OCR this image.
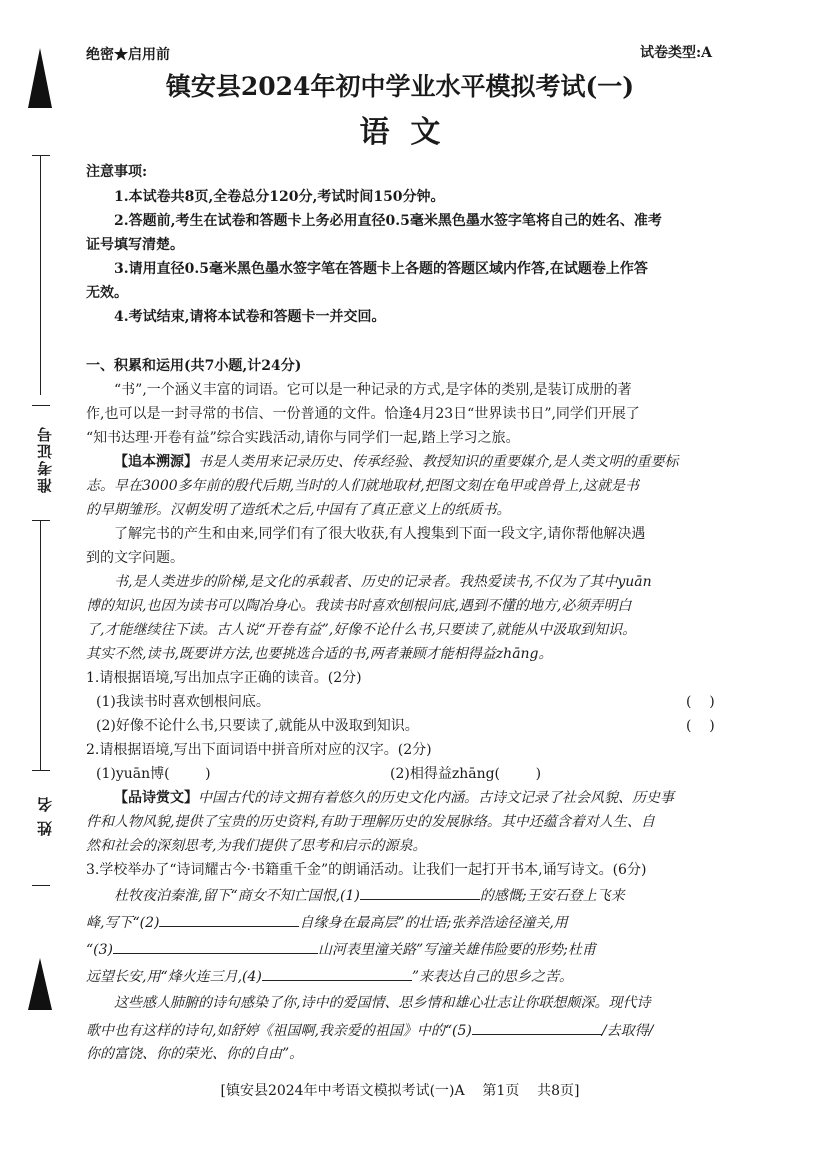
准考证号
姓 名
绝密★启用前	试卷类型:A
镇安县2024年初中学业水平模拟考试(一)
语  文
注意事项:
1.本试卷共8页,全卷总分120分,考试时间150分钟。
2.答题前,考生在试卷和答题卡上务必用直径0.5毫米黑色墨水签字笔将自己的姓名、准考
证号填写清楚。
3.请用直径0.5毫米黑色墨水签字笔在答题卡上各题的答题区域内作答,在试题卷上作答
无效。
4.考试结束,请将本试卷和答题卡一并交回。
一、积累和运用(共7小题,计24分)
“书”,一个涵义丰富的词语。它可以是一种记录的方式,是字体的类别,是装订成册的著
作,也可以是一封寻常的书信、一份普通的文件。恰逢4月23日“世界读书日”,同学们开展了
“知书达理·开卷有益”综合实践活动,请你与同学们一起,踏上学习之旅。
【追本溯源】书是人类用来记录历史、传承经验、教授知识的重要媒介,是人类文明的重要标
志。早在3000多年前的殷代后期,当时的人们就地取材,把图文刻在龟甲或兽骨上,这就是书
的早期雏形。汉朝发明了造纸术之后,中国有了真正意义上的纸质书。
了解完书的产生和由来,同学们有了很大收获,有人搜集到下面一段文字,请你帮他解决遇
到的文字问题。
书,是人类进步的阶梯,是文化的承载者、历史的记录者。我热爱读书,不仅为了其中yuān
博的知识,也因为读书可以陶冶身心。我读书时喜欢刨根问底,遇到不懂的地方,必须弄明白
了,才能继续往下读。古人说“开卷有益”,好像不论什么书,只要读了,就能从中汲取到知识。
其实不然,读书,既要讲方法,也要挑选合适的书,两者兼顾才能相得益zhāng。
1.请根据语境,写出加点字正确的读音。(2分)
(1)我读书时喜欢刨根问底。	(    )
(2)好像不论什么书,只要读了,就能从中汲取到知识。	(    )
2.请根据语境,写出下面词语中拼音所对应的汉字。(2分)
(1)yuān博(        )	(2)相得益zhāng(        )
【品诗赏文】中国古代的诗文拥有着悠久的历史文化内涵。古诗文记录了社会风貌、历史事
件和人物风貌,提供了宝贵的历史资料,有助于理解历史的发展脉络。其中还蕴含着对人生、自
然和社会的深刻思考,为我们提供了思考和启示的源泉。
3.学校举办了“诗词耀古今·书籍重千金”的朗诵活动。让我们一起打开书本,诵写诗文。(6分)
杜牧夜泊秦淮,留下“商女不知亡国恨,(1)	的感慨;王安石登上飞来
峰,写下“(2)	自缘身在最高层”的壮语;张养浩途径潼关,用
“(3)	山河表里潼关路”写潼关雄伟险要的形势;杜甫
远望长安,用“烽火连三月,(4)	”来表达自己的思乡之苦。
这些感人肺腑的诗句感染了你,诗中的爱国情、思乡情和雄心壮志让你联想颇深。现代诗
歌中也有这样的诗句,如舒婷《祖国啊,我亲爱的祖国》中的“(5)	/去取得/
你的富饶、你的荣光、你的自由”。
[镇安县2024年中考语文模拟考试(一)A    第1页    共8页]
